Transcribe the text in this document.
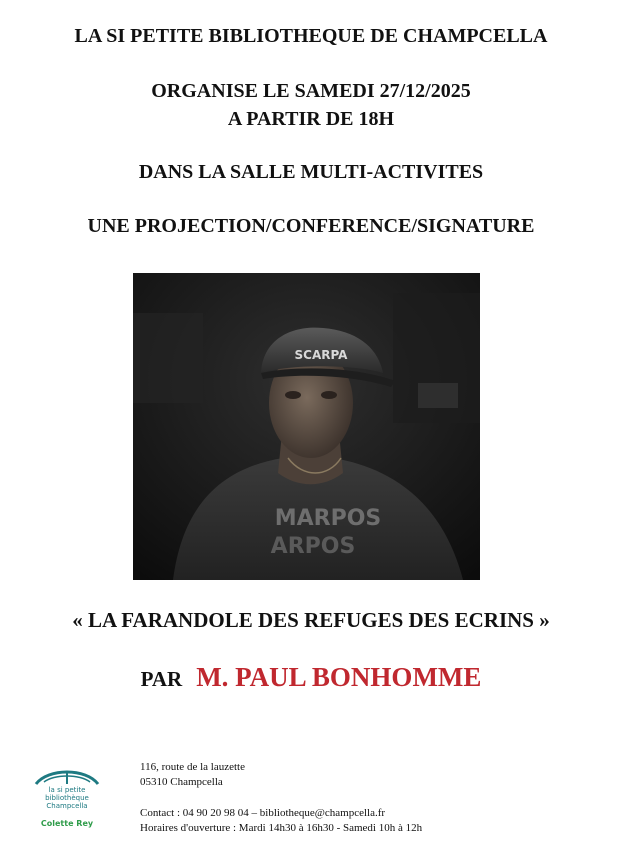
LA SI PETITE BIBLIOTHEQUE DE CHAMPCELLA
ORGANISE LE SAMEDI 27/12/2025
A PARTIR DE 18H
DANS LA SALLE MULTI-ACTIVITES
UNE PROJECTION/CONFERENCE/SIGNATURE
SCARPA
MARPOS
ARPOS
« LA FARANDOLE DES REFUGES DES ECRINS »
PAR M. PAUL BONHOMME
la si petite
bibliothèque
Champcella
Colette Rey
116, route de la lauzette
05310 Champcella
Contact : 04 90 20 98 04 – bibliotheque@champcella.fr
Horaires d'ouverture : Mardi 14h30 à 16h30 - Samedi 10h à 12h
